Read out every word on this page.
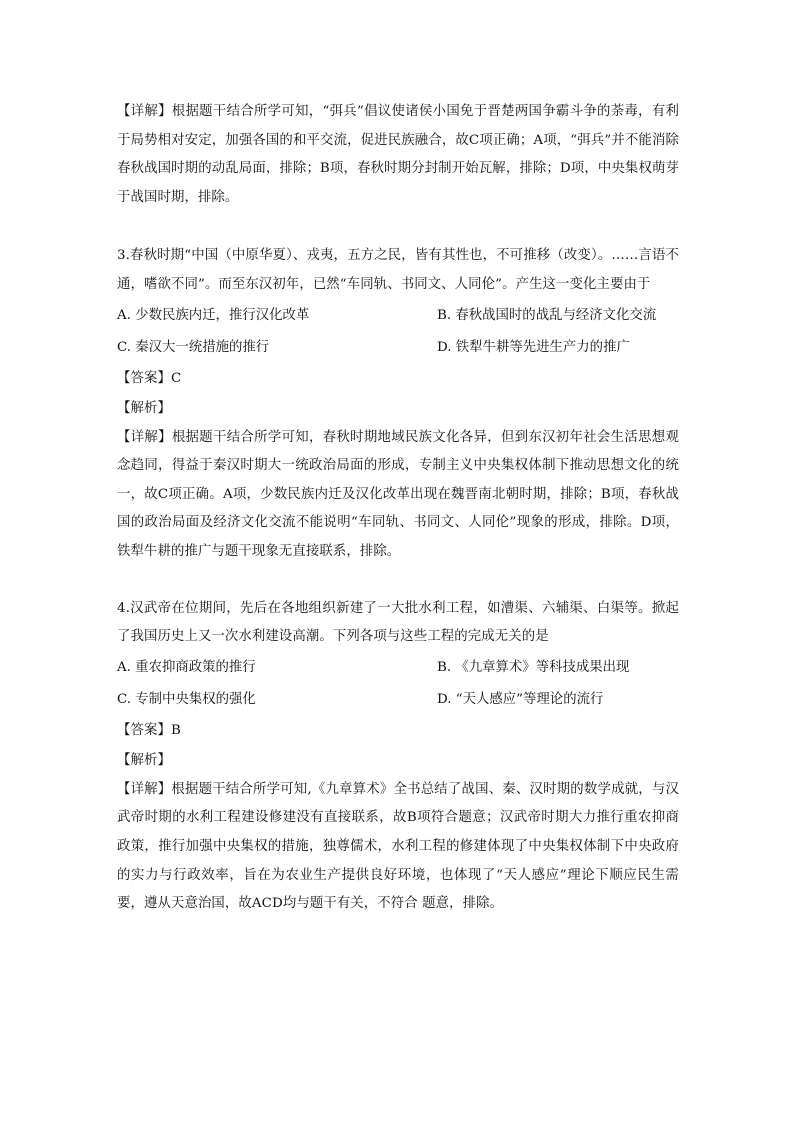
【详解】根据题干结合所学可知，“弭兵”倡议使诸侯小国免于晋楚两国争霸斗争的荼毒，有利于局势相对安定，加强各国的和平交流，促进民族融合，故C项正确；A项，“弭兵”并不能消除春秋战国时期的动乱局面，排除；B项，春秋时期分封制开始瓦解，排除；D项，中央集权萌芽于战国时期，排除。

3.春秋时期“中国（中原华夏）、戎夷，五方之民，皆有其性也，不可推移（改变）。……言语不通，嗜欲不同”。而至东汉初年，已然“车同轨、书同文、人同伦”。产生这一变化主要由于

A. 少数民族内迁，推行汉化改革	B. 春秋战国时的战乱与经济文化交流
C. 秦汉大一统措施的推行	D. 铁犁牛耕等先进生产力的推广

【答案】C

【解析】

【详解】根据题干结合所学可知，春秋时期地域民族文化各异，但到东汉初年社会生活思想观念趋同，得益于秦汉时期大一统政治局面的形成，专制主义中央集权体制下推动思想文化的统一，故C项正确。A项，少数民族内迁及汉化改革出现在魏晋南北朝时期，排除；B项，春秋战国的政治局面及经济文化交流不能说明“车同轨、书同文、人同伦”现象的形成，排除。D项，铁犁牛耕的推广与题干现象无直接联系，排除。

4.汉武帝在位期间，先后在各地组织新建了一大批水利工程，如漕渠、六辅渠、白渠等。掀起了我国历史上又一次水利建设高潮。下列各项与这些工程的完成无关的是

A. 重农抑商政策的推行	B. 《九章算术》等科技成果出现
C. 专制中央集权的强化	D. “天人感应”等理论的流行

【答案】B

【解析】

【详解】根据题干结合所学可知,《九章算术》全书总结了战国、秦、汉时期的数学成就，与汉武帝时期的水利工程建设修建没有直接联系，故B项符合题意；汉武帝时期大力推行重农抑商政策，推行加强中央集权的措施，独尊儒术，水利工程的修建体现了中央集权体制下中央政府的实力与行政效率，旨在为农业生产提供良好环境，也体现了“天人感应”理论下顺应民生需要，遵从天意治国，故ACD均与题干有关，不符合 题意，排除。
